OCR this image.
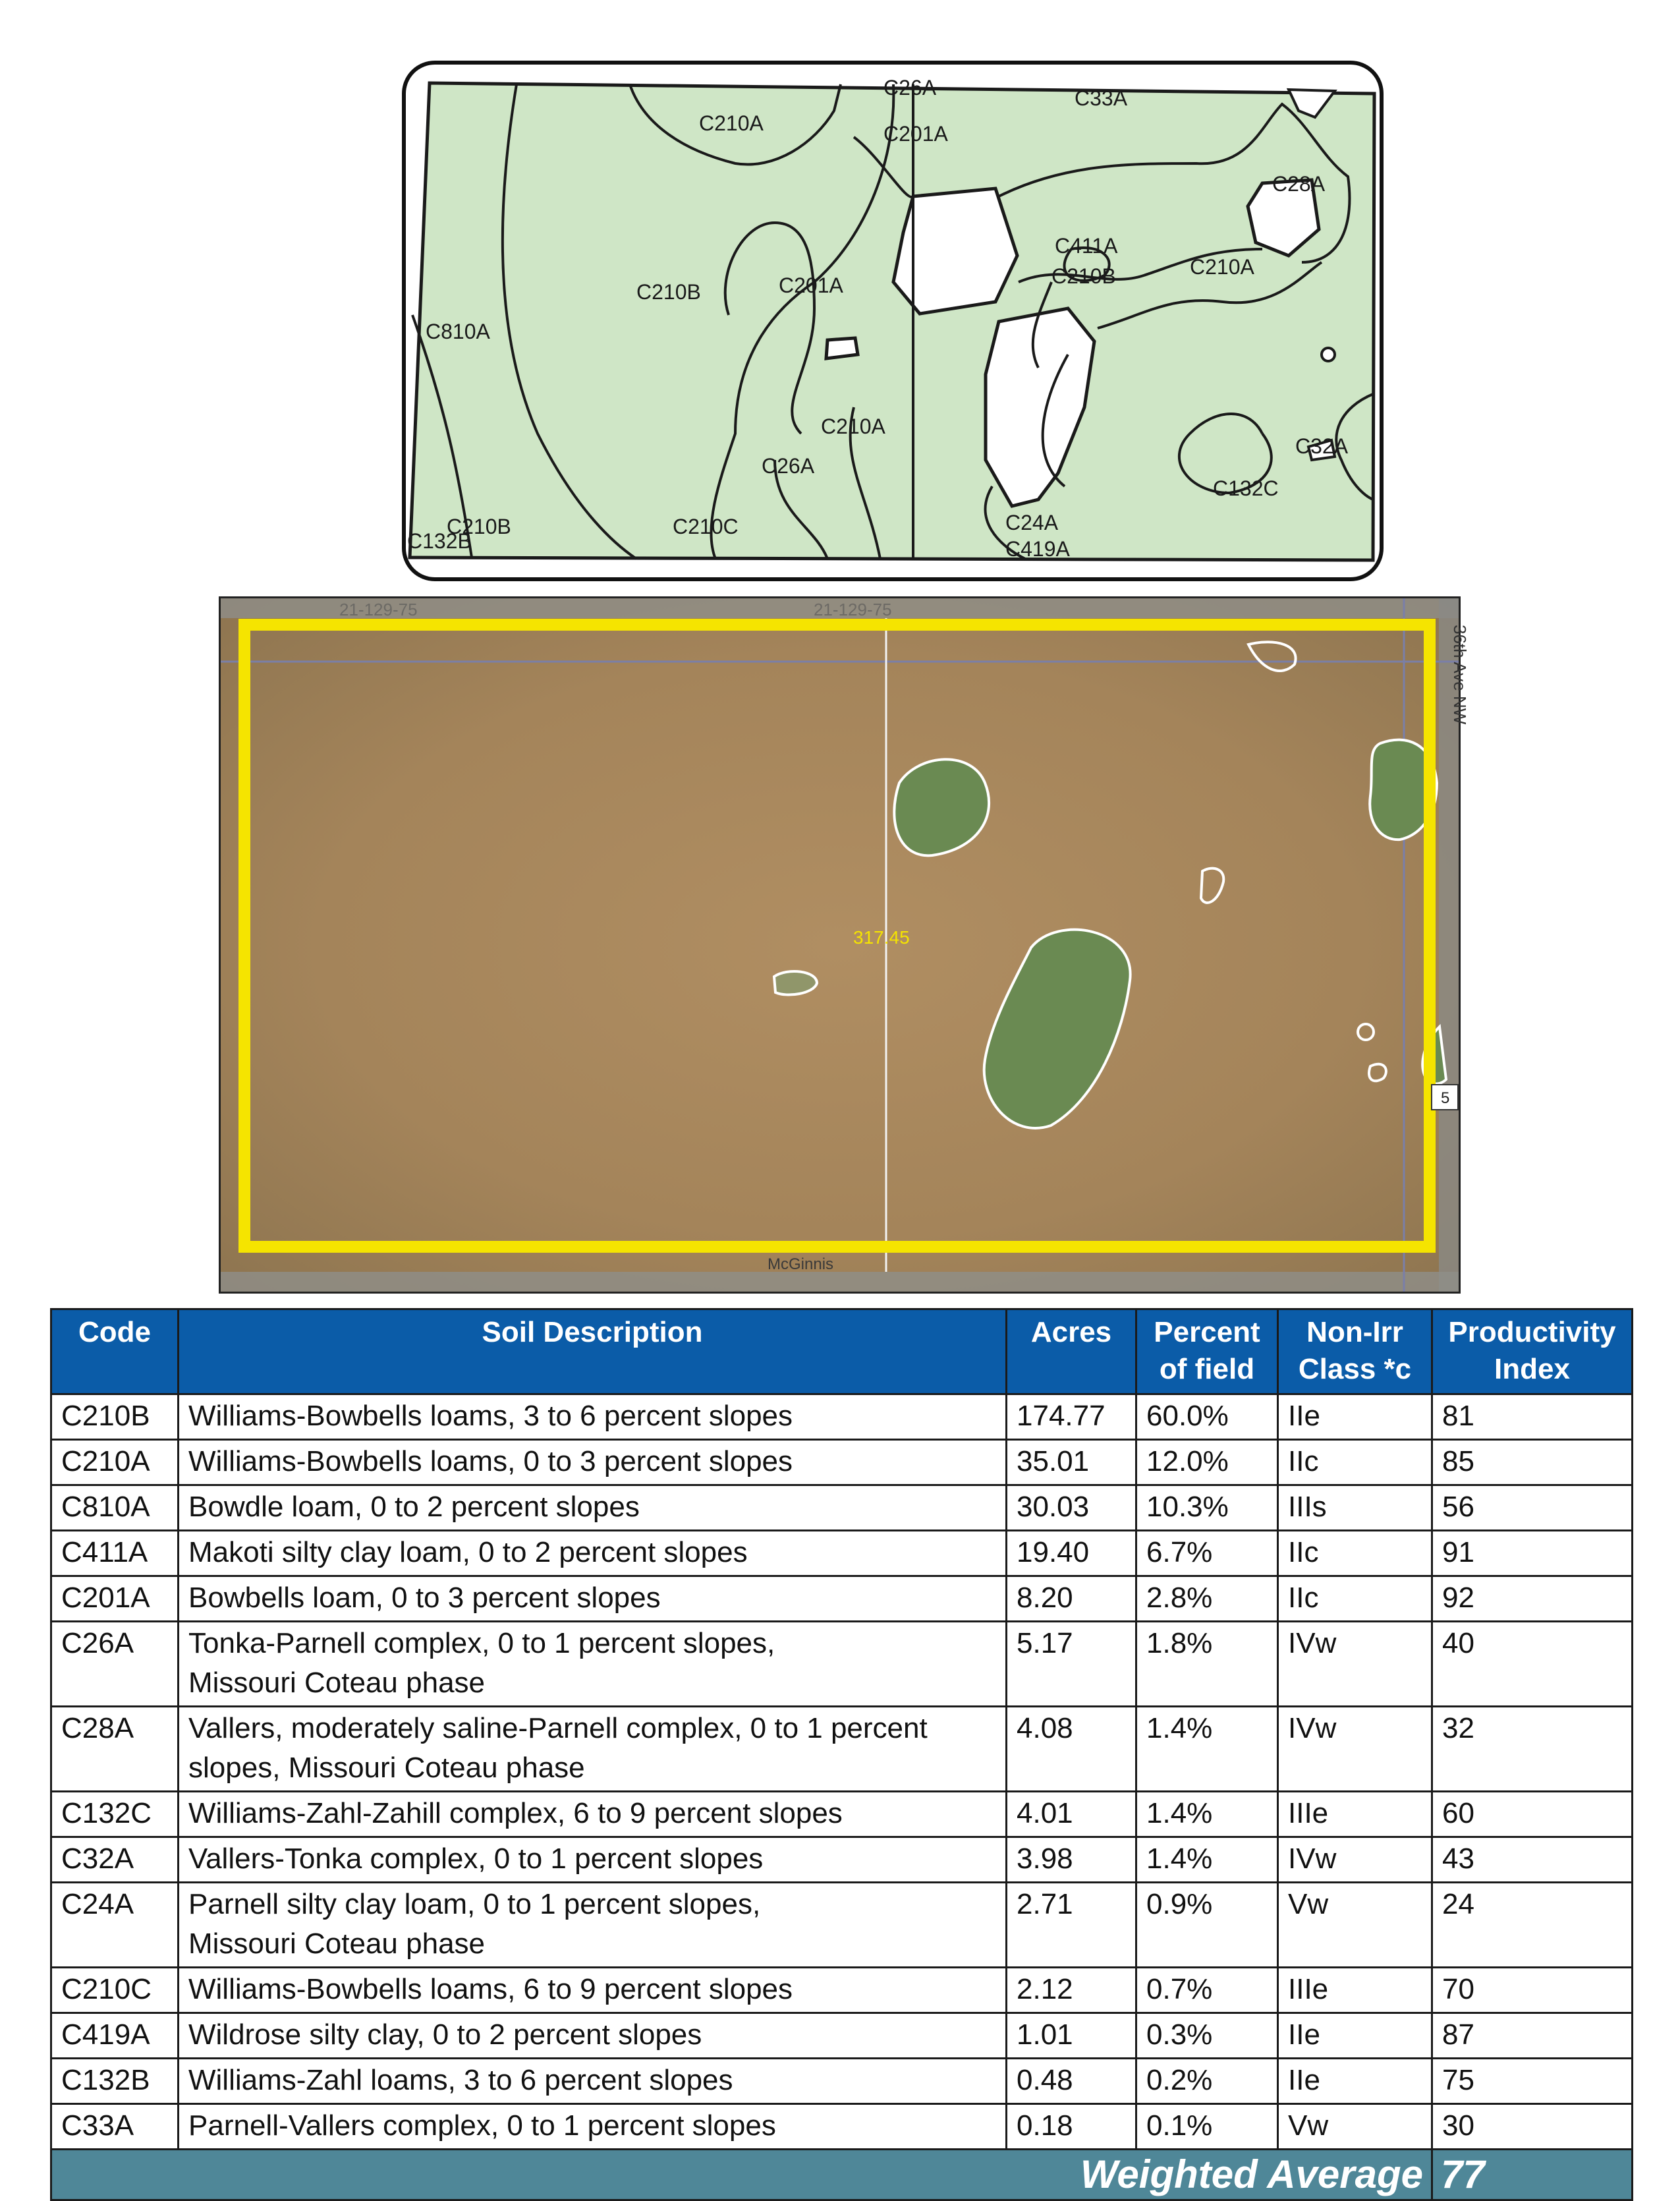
C26A	C33A
C210A	C201A
C28A
C411A
C210B	C210A
C210B	C201A
C810A
C210A
C32A
C26A
C132C
C210B
C132B
C210C	C24A
C419A
317.45
McGinnis
21-129-75	21-129-75
36th Ave NW
5
Code	Soil Description	Acres	Percent of field	Non-Irr Class *c	Productivity Index
C210B	Williams-Bowbells loams, 3 to 6 percent slopes	174.77	60.0%	IIe	81
C210A	Williams-Bowbells loams, 0 to 3 percent slopes	35.01	12.0%	IIc	85
C810A	Bowdle loam, 0 to 2 percent slopes	30.03	10.3%	IIIs	56
C411A	Makoti silty clay loam, 0 to 2 percent slopes	19.40	6.7%	IIc	91
C201A	Bowbells loam, 0 to 3 percent slopes	8.20	2.8%	IIc	92
C26A	Tonka-Parnell complex, 0 to 1 percent slopes,
Missouri Coteau phase	5.17	1.8%	IVw	40
C28A	Vallers, moderately saline-Parnell complex, 0 to 1 percent
slopes, Missouri Coteau phase	4.08	1.4%	IVw	32
C132C	Williams-Zahl-Zahill complex, 6 to 9 percent slopes	4.01	1.4%	IIIe	60
C32A	Vallers-Tonka complex, 0 to 1 percent slopes	3.98	1.4%	IVw	43
C24A	Parnell silty clay loam, 0 to 1 percent slopes,
Missouri Coteau phase	2.71	0.9%	Vw	24
C210C	Williams-Bowbells loams, 6 to 9 percent slopes	2.12	0.7%	IIIe	70
C419A	Wildrose silty clay, 0 to 2 percent slopes	1.01	0.3%	IIe	87
C132B	Williams-Zahl loams, 3 to 6 percent slopes	0.48	0.2%	IIe	75
C33A	Parnell-Vallers complex, 0 to 1 percent slopes	0.18	0.1%	Vw	30
Weighted Average					77
